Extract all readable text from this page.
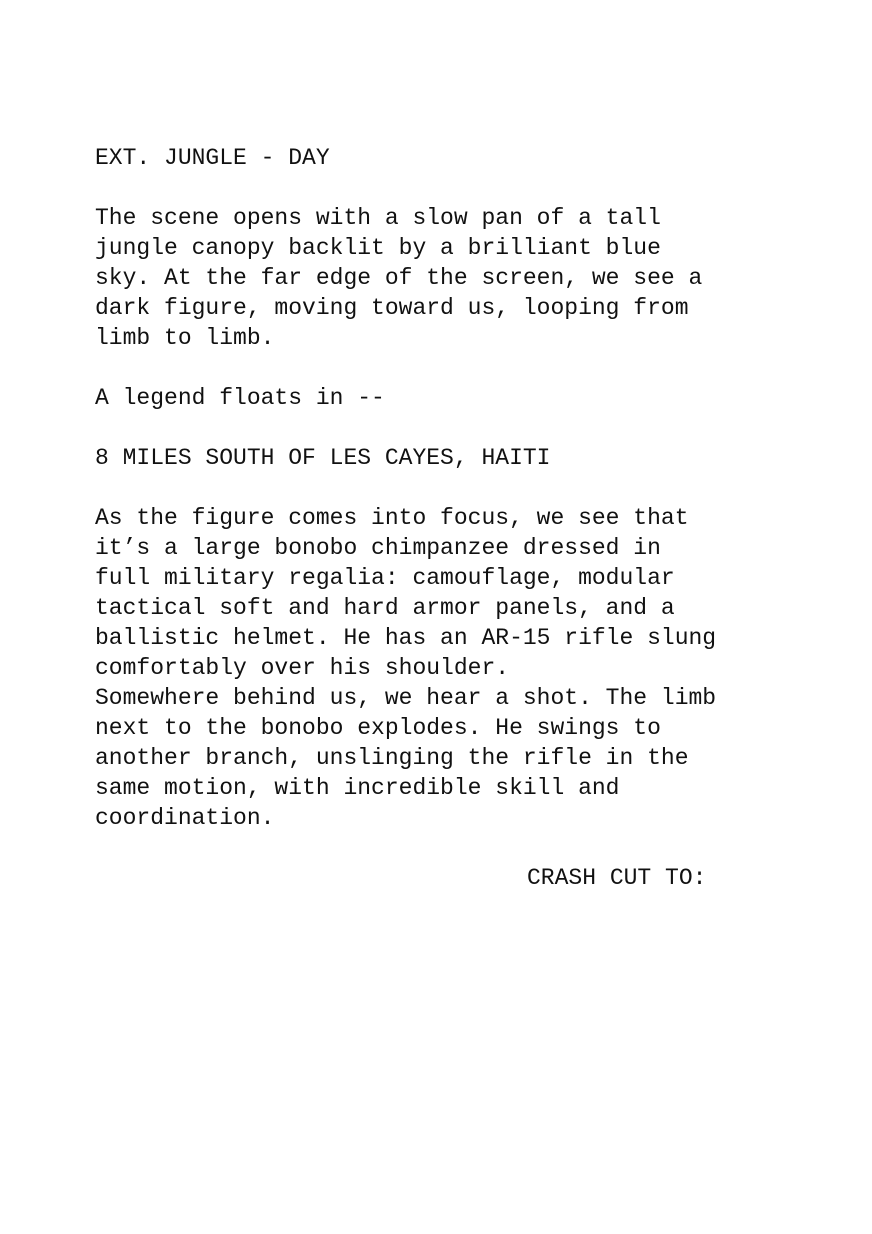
EXT. JUNGLE - DAY
The scene opens with a slow pan of a tall
jungle canopy backlit by a brilliant blue
sky. At the far edge of the screen, we see a
dark figure, moving toward us, looping from
limb to limb.
A legend floats in --
8 MILES SOUTH OF LES CAYES, HAITI
As the figure comes into focus, we see that
it’s a large bonobo chimpanzee dressed in
full military regalia: camouflage, modular
tactical soft and hard armor panels, and a
ballistic helmet. He has an AR-15 rifle slung
comfortably over his shoulder.
Somewhere behind us, we hear a shot. The limb
next to the bonobo explodes. He swings to
another branch, unslinging the rifle in the
same motion, with incredible skill and
coordination.
CRASH CUT TO:
